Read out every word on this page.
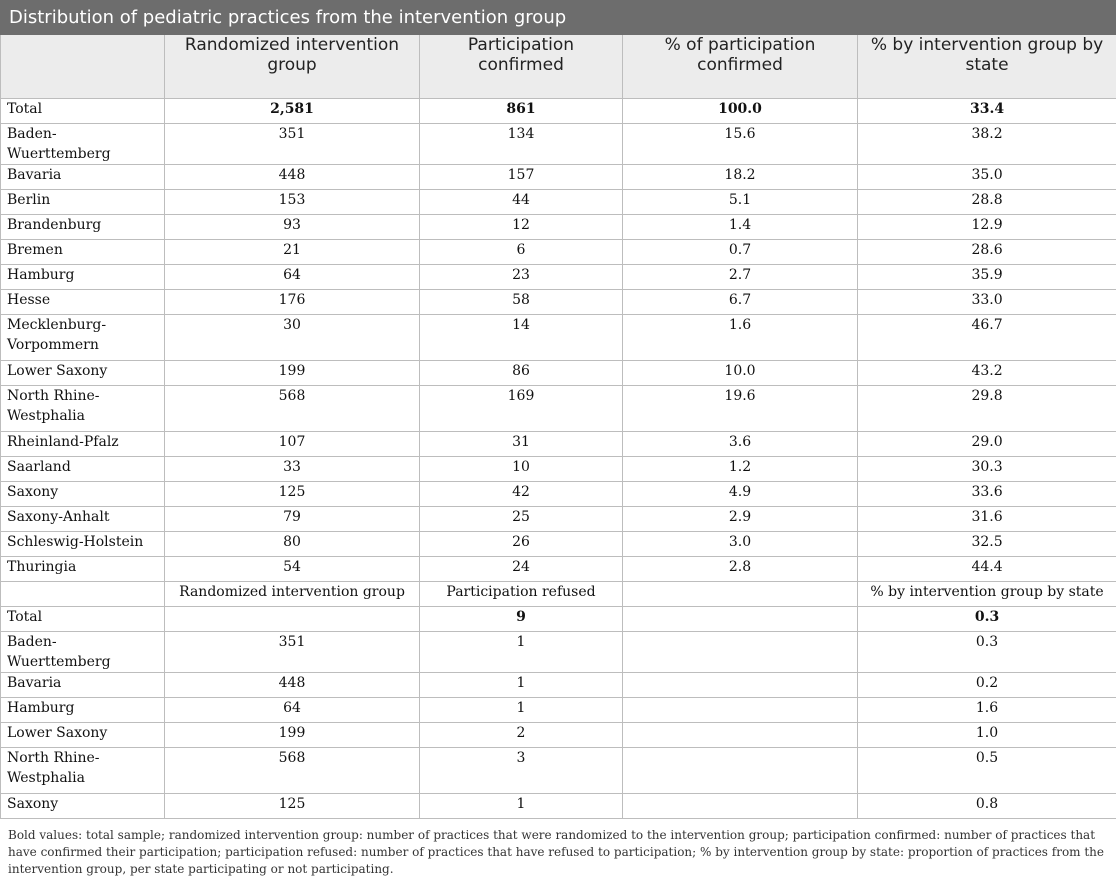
Distribution of pediatric practices from the intervention group				
	Randomized intervention group	Participation confirmed	% of participation confirmed	% by intervention group by state
Total	2,581	861	100.0	33.4
Baden-Wuerttemberg	351	134	15.6	38.2
Bavaria	448	157	18.2	35.0
Berlin	153	44	5.1	28.8
Brandenburg	93	12	1.4	12.9
Bremen	21	6	0.7	28.6
Hamburg	64	23	2.7	35.9
Hesse	176	58	6.7	33.0
Mecklenburg-Vorpommern	30	14	1.6	46.7
Lower Saxony	199	86	10.0	43.2
North Rhine-Westphalia	568	169	19.6	29.8
Rheinland-Pfalz	107	31	3.6	29.0
Saarland	33	10	1.2	30.3
Saxony	125	42	4.9	33.6
Saxony-Anhalt	79	25	2.9	31.6
Schleswig-Holstein	80	26	3.0	32.5
Thuringia	54	24	2.8	44.4
	Randomized intervention group	Participation refused		% by intervention group by state
Total		9		0.3
Baden-Wuerttemberg	351	1		0.3
Bavaria	448	1		0.2
Hamburg	64	1		1.6
Lower Saxony	199	2		1.0
North Rhine-Westphalia	568	3		0.5
Saxony	125	1		0.8
Bold values: total sample; randomized intervention group: number of practices that were randomized to the intervention group; participation confirmed: number of practices that have confirmed their participation; participation refused: number of practices that have refused to participation; % by intervention group by state: proportion of practices from the intervention group, per state participating or not participating.
